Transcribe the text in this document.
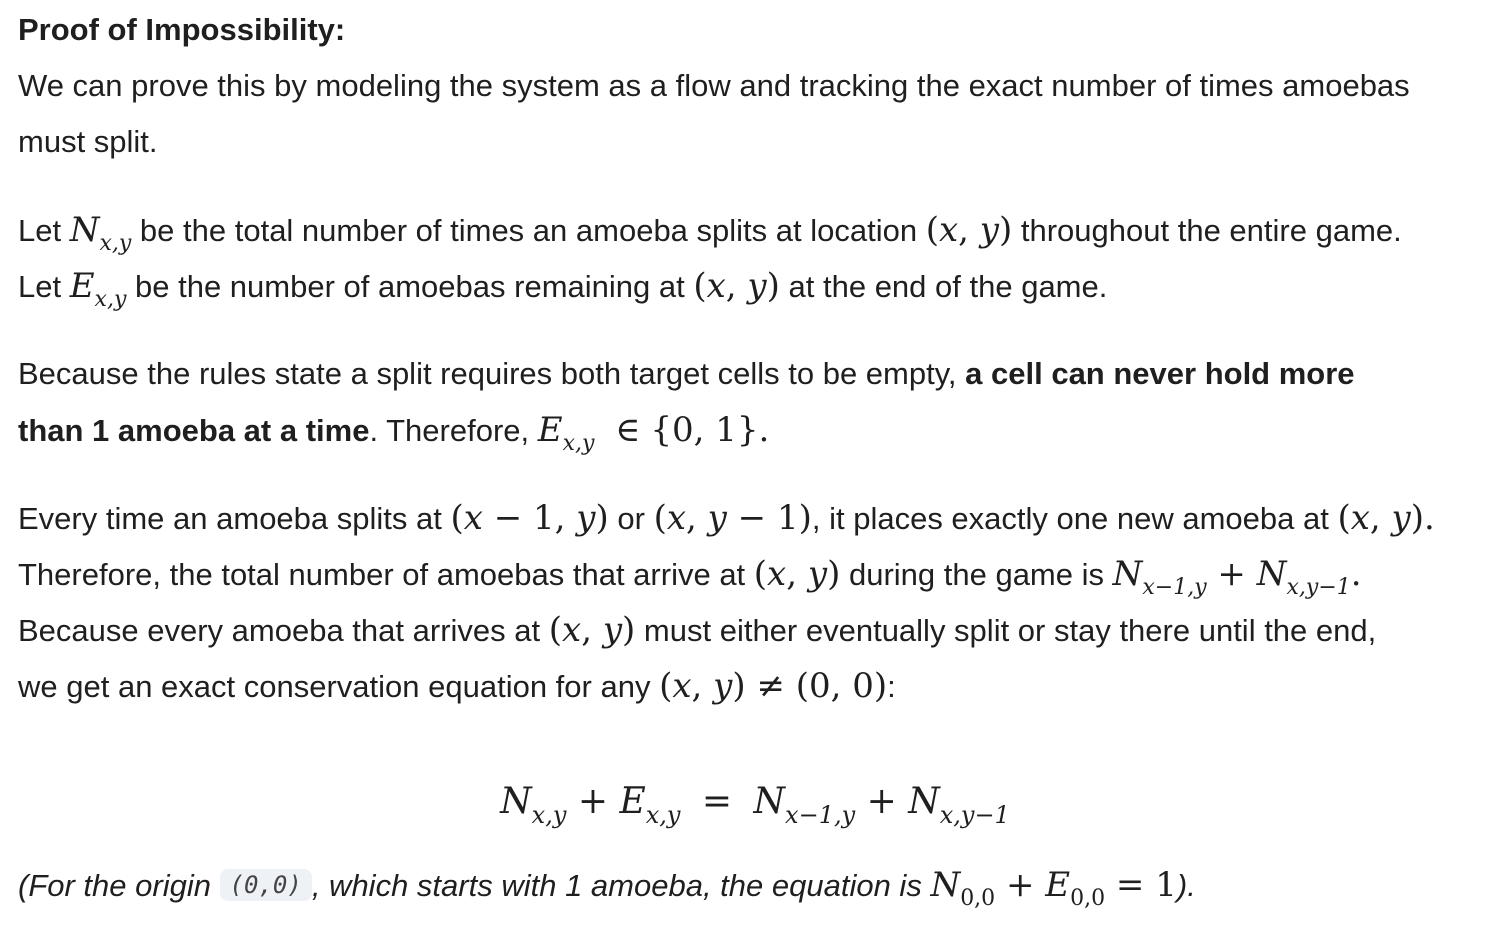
Proof of Impossibility:
We can prove this by modeling the system as a flow and tracking the exact number of times amoebas
must split.
Let $N_{x,y}$ be the total number of times an amoeba splits at location (x, y) throughout the entire game.
Let $E_{x,y}$ be the number of amoebas remaining at (x, y) at the end of the game.
Because the rules state a split requires both target cells to be empty, a cell can never hold more
than 1 amoeba at a time. Therefore, $E_{x,y}$ ∈ {0, 1}.
Every time an amoeba splits at (x − 1, y) or (x, y − 1), it places exactly one new amoeba at (x, y).
Therefore, the total number of amoebas that arrive at (x, y) during the game is $N_{x-1,y} + N_{x,y-1}$.
Because every amoeba that arrives at (x, y) must either eventually split or stay there until the end,
we get an exact conservation equation for any (x, y) ≠ (0, 0):
$N_{x,y} + E_{x,y} = N_{x-1,y} + N_{x,y-1}$
(For the origin (0,0) , which starts with 1 amoeba, the equation is $N_{0,0} + E_{0,0} = 1$).
